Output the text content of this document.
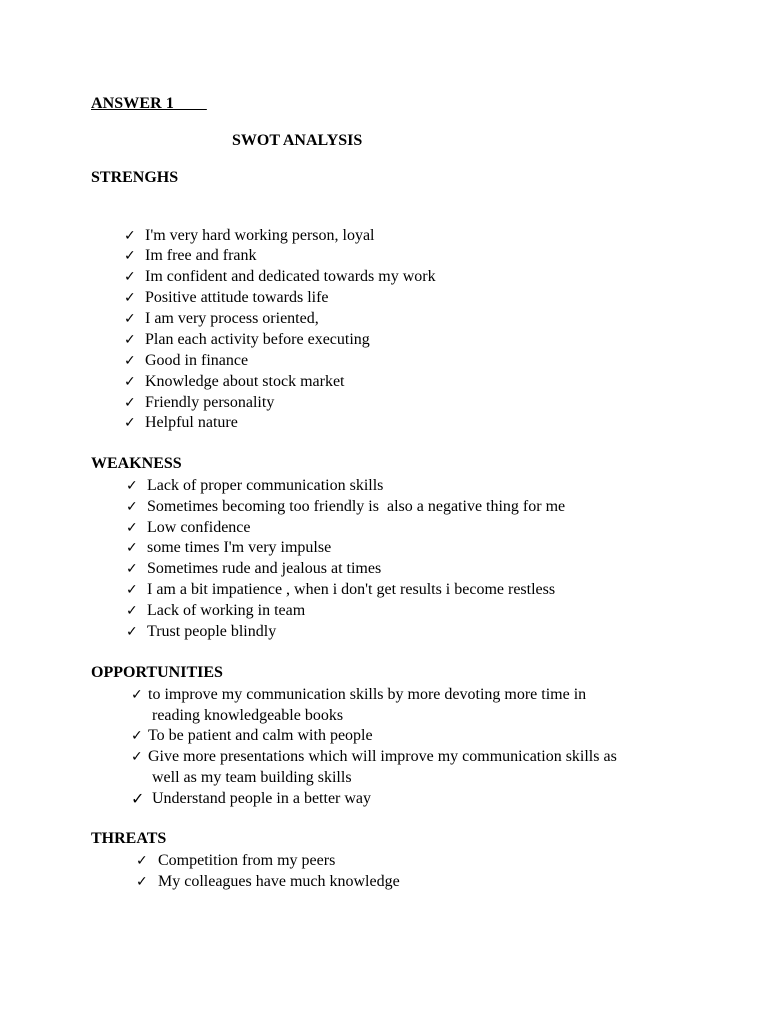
ANSWER 1
SWOT ANALYSIS
STRENGHS

✓

I'm very hard working person, loyal

✓

Im free and frank

✓

Im confident and dedicated towards my work

✓

Positive attitude towards life

✓

I am very process oriented,

✓

Plan each activity before executing

✓

Good in finance

✓

Knowledge about stock market

✓

Friendly personality

✓

Helpful nature

WEAKNESS

✓

Lack of proper communication skills

✓

Sometimes becoming too friendly is  also a negative thing for me

✓

Low confidence

✓

some times I'm very impulse

✓

Sometimes rude and jealous at times

✓

I am a bit impatience , when i don't get results i become restless

✓

Lack of working in team

✓

Trust people blindly

OPPORTUNITIES

✓

to improve my communication skills by more devoting more time in

reading knowledgeable books

✓

To be patient and calm with people

✓

Give more presentations which will improve my communication skills as

well as my team building skills

✓

Understand people in a better way

THREATS

✓

Competition from my peers

✓

My colleagues have much knowledge
